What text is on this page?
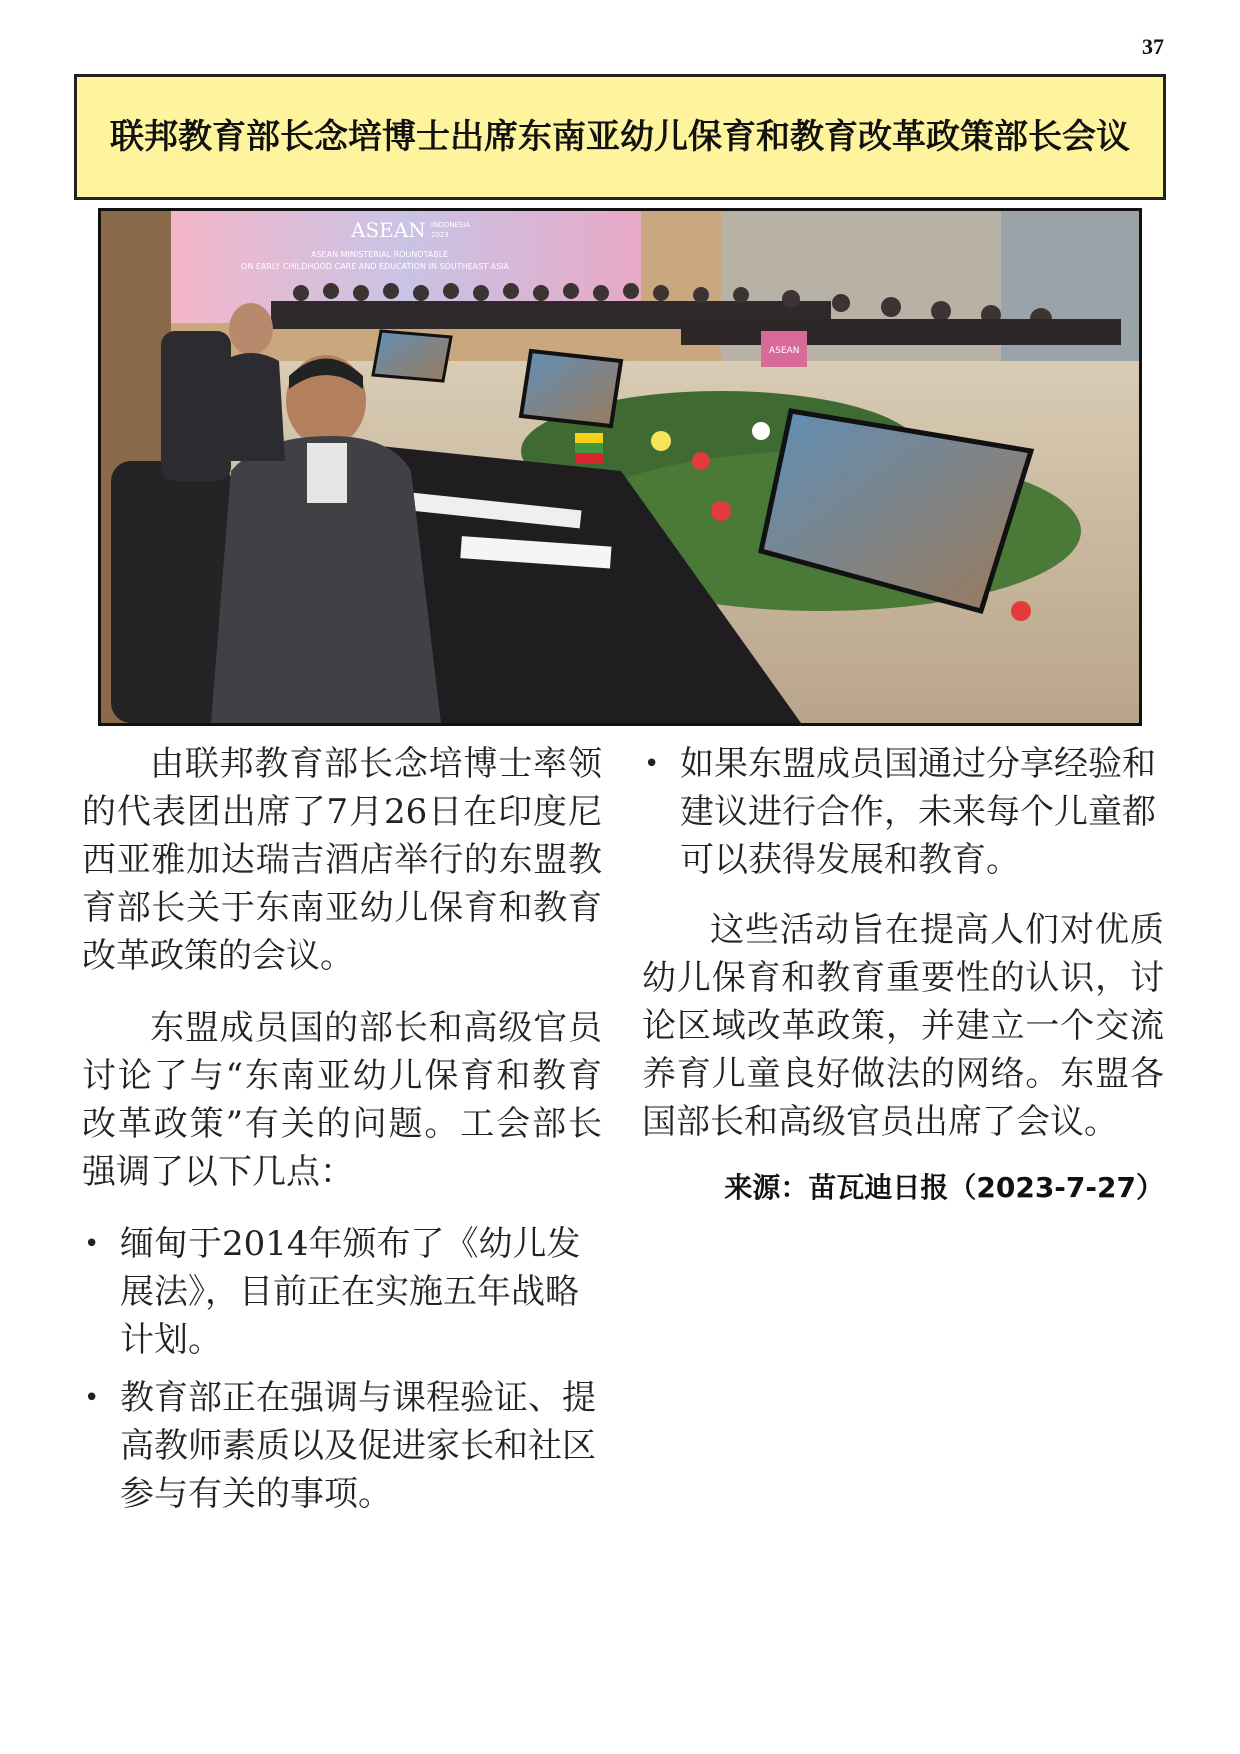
37
联邦教育部长念培博士出席东南亚幼儿保育和教育改革政策部长会议
ASEAN INDONESIA
2023
ASEAN MINISTERIAL ROUNDTABLE
ON EARLY CHILDHOOD CARE AND EDUCATION IN SOUTHEAST ASIA
ASEAN

由联邦教育部长念培博士率领的代表团出席了7月26日在印度尼西亚雅加达瑞吉酒店举行的东盟教育部长关于东南亚幼儿保育和教育改革政策的会议。

东盟成员国的部长和高级官员讨论了与“东南亚幼儿保育和教育改革政策”有关的问题。工会部长强调了以下几点：

• 缅甸于2014年颁布了《幼儿发展法》，目前正在实施五年战略计划。
• 教育部正在强调与课程验证、提高教师素质以及促进家长和社区参与有关的事项。
• 如果东盟成员国通过分享经验和建议进行合作，未来每个儿童都可以获得发展和教育。

这些活动旨在提高人们对优质幼儿保育和教育重要性的认识，讨论区域改革政策，并建立一个交流养育儿童良好做法的网络。东盟各国部长和高级官员出席了会议。

来源：苗瓦迪日报（2023-7-27）
